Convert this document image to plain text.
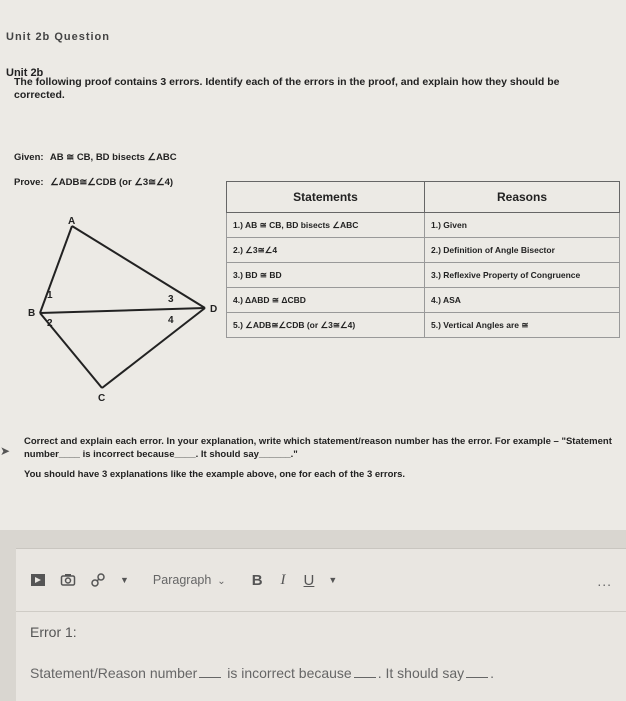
Unit 2b Question
Unit 2b
The following proof contains 3 errors. Identify each of the errors in the proof, and explain how they should be corrected.
Given: AB ≅ CB, BD bisects ∠ABC
Prove: ∠ADB≅∠CDB (or ∠3≅∠4)
A
B
C
D
1
2
3
4
Statements	Reasons
1.) AB ≅ CB, BD bisects ∠ABC	1.) Given
2.) ∠3≅∠4	2.) Definition of Angle Bisector
3.) BD ≅ BD	3.) Reflexive Property of Congruence
4.) ΔABD ≅ ΔCBD	4.) ASA
5.) ∠ADB≅∠CDB (or ∠3≅∠4)	5.) Vertical Angles are ≅
➤

Correct and explain each error. In your explanation, write which statement/reason number has the error. For example – "Statement number____ is incorrect because____. It should say______."

You should have 3 explanations like the example above, one for each of the 3 errors.

▼ Paragraph ⌄ B I U ▼	...
Error 1:
Statement/Reason number is incorrect because . It should say .
